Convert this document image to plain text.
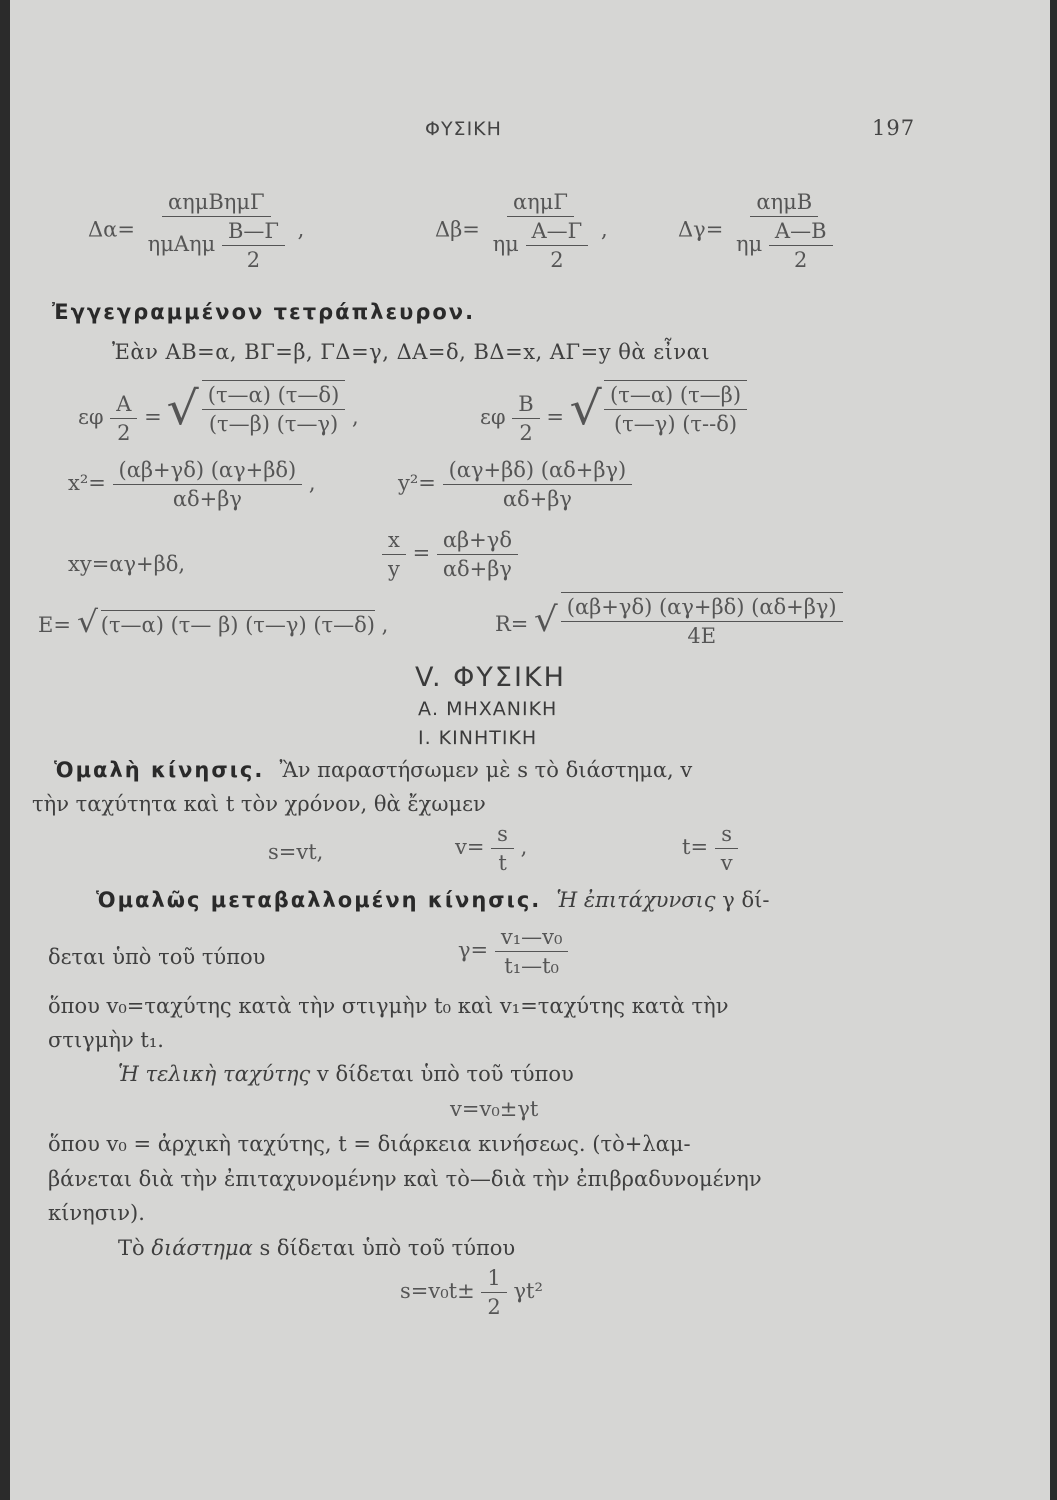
ΦΥΣΙΚΗ	197
$\Delta\alpha= \frac{\text{αημΒημΓ}}{\eta\mu A\eta\mu \frac{B—\Gamma}{2}}$ ,	$\Delta\beta= \frac{\text{αημΓ}}{\eta\mu \frac{A—\Gamma}{2}}$ ,	$\Delta\gamma= \frac{\text{αημΒ}}{\eta\mu \frac{A—B}{2}}$
Ἐγγεγραμμένον τετράπλευρον.
Ἐὰν ΑΒ=α, ΒΓ=β, ΓΔ=γ, ΔΑ=δ, ΒΔ=x, ΑΓ=y θὰ εἶναι
εφ $\frac{A}{2}$ = √ $\frac{(\tau—\alpha) (\tau—\delta)}{(\tau—\beta) (\tau—\gamma)}$ ,	εφ $\frac{B}{2}$ = √ $\frac{(\tau—\alpha) (\tau—\beta)}{(\tau—\gamma) (\tau--\delta)}$
$x^2= \frac{(\alpha\beta+\gamma\delta) (\alpha\gamma+\beta\delta)}{\alpha\delta+\beta\gamma}$ ,	$y^2= \frac{(\alpha\gamma+\beta\delta) (\alpha\delta+\beta\gamma)}{\alpha\delta+\beta\gamma}$
xy=αγ+βδ,	$\frac{x}{y} = \frac{\alpha\beta+\gamma\delta}{\alpha\delta+\beta\gamma}$
E= √ (τ—α) (τ— β) (τ—γ) (τ—δ) ,	R= √ $\frac{(\alpha\beta+\gamma\delta) (\alpha\gamma+\beta\delta) (\alpha\delta+\beta\gamma)}{4E}$
V. ΦΥΣΙΚΗ
Α. ΜΗΧΑΝΙΚΗ
Ι. ΚΙΝΗΤΙΚΗ
Ὁμαλὴ κίνησις. Ἂν παραστήσωμεν μὲ s τὸ διάστημα, v
τὴν ταχύτητα καὶ t τὸν χρόνον, θὰ ἔχωμεν
s=vt,	$v= \frac{s}{t}$ ,	$t= \frac{s}{v}$
Ὁμαλῶς μεταβαλλομένη κίνησις. Ἡ ἐπιτάχυνσις γ δί-
δεται ὑπὸ τοῦ τύπου	$\gamma= \frac{\text{v₁—v₀}}{\text{t₁—t₀}}$
ὅπου v₀=ταχύτης κατὰ τὴν στιγμὴν t₀ καὶ v₁=ταχύτης κατὰ τὴν
στιγμὴν t₁.
Ἡ τελικὴ ταχύτης v δίδεται ὑπὸ τοῦ τύπου
v=v₀±γt
ὅπου v₀ = ἀρχικὴ ταχύτης, t = διάρκεια κινήσεως. (τὸ+λαμ-
βάνεται διὰ τὴν ἐπιταχυνομένην καὶ τὸ—διὰ τὴν ἐπιβραδυνομένην
κίνησιν).
Τὸ διάστημα s δίδεται ὑπὸ τοῦ τύπου
$s=v_0t\pm \frac{1}{2} \gamma t^2$
